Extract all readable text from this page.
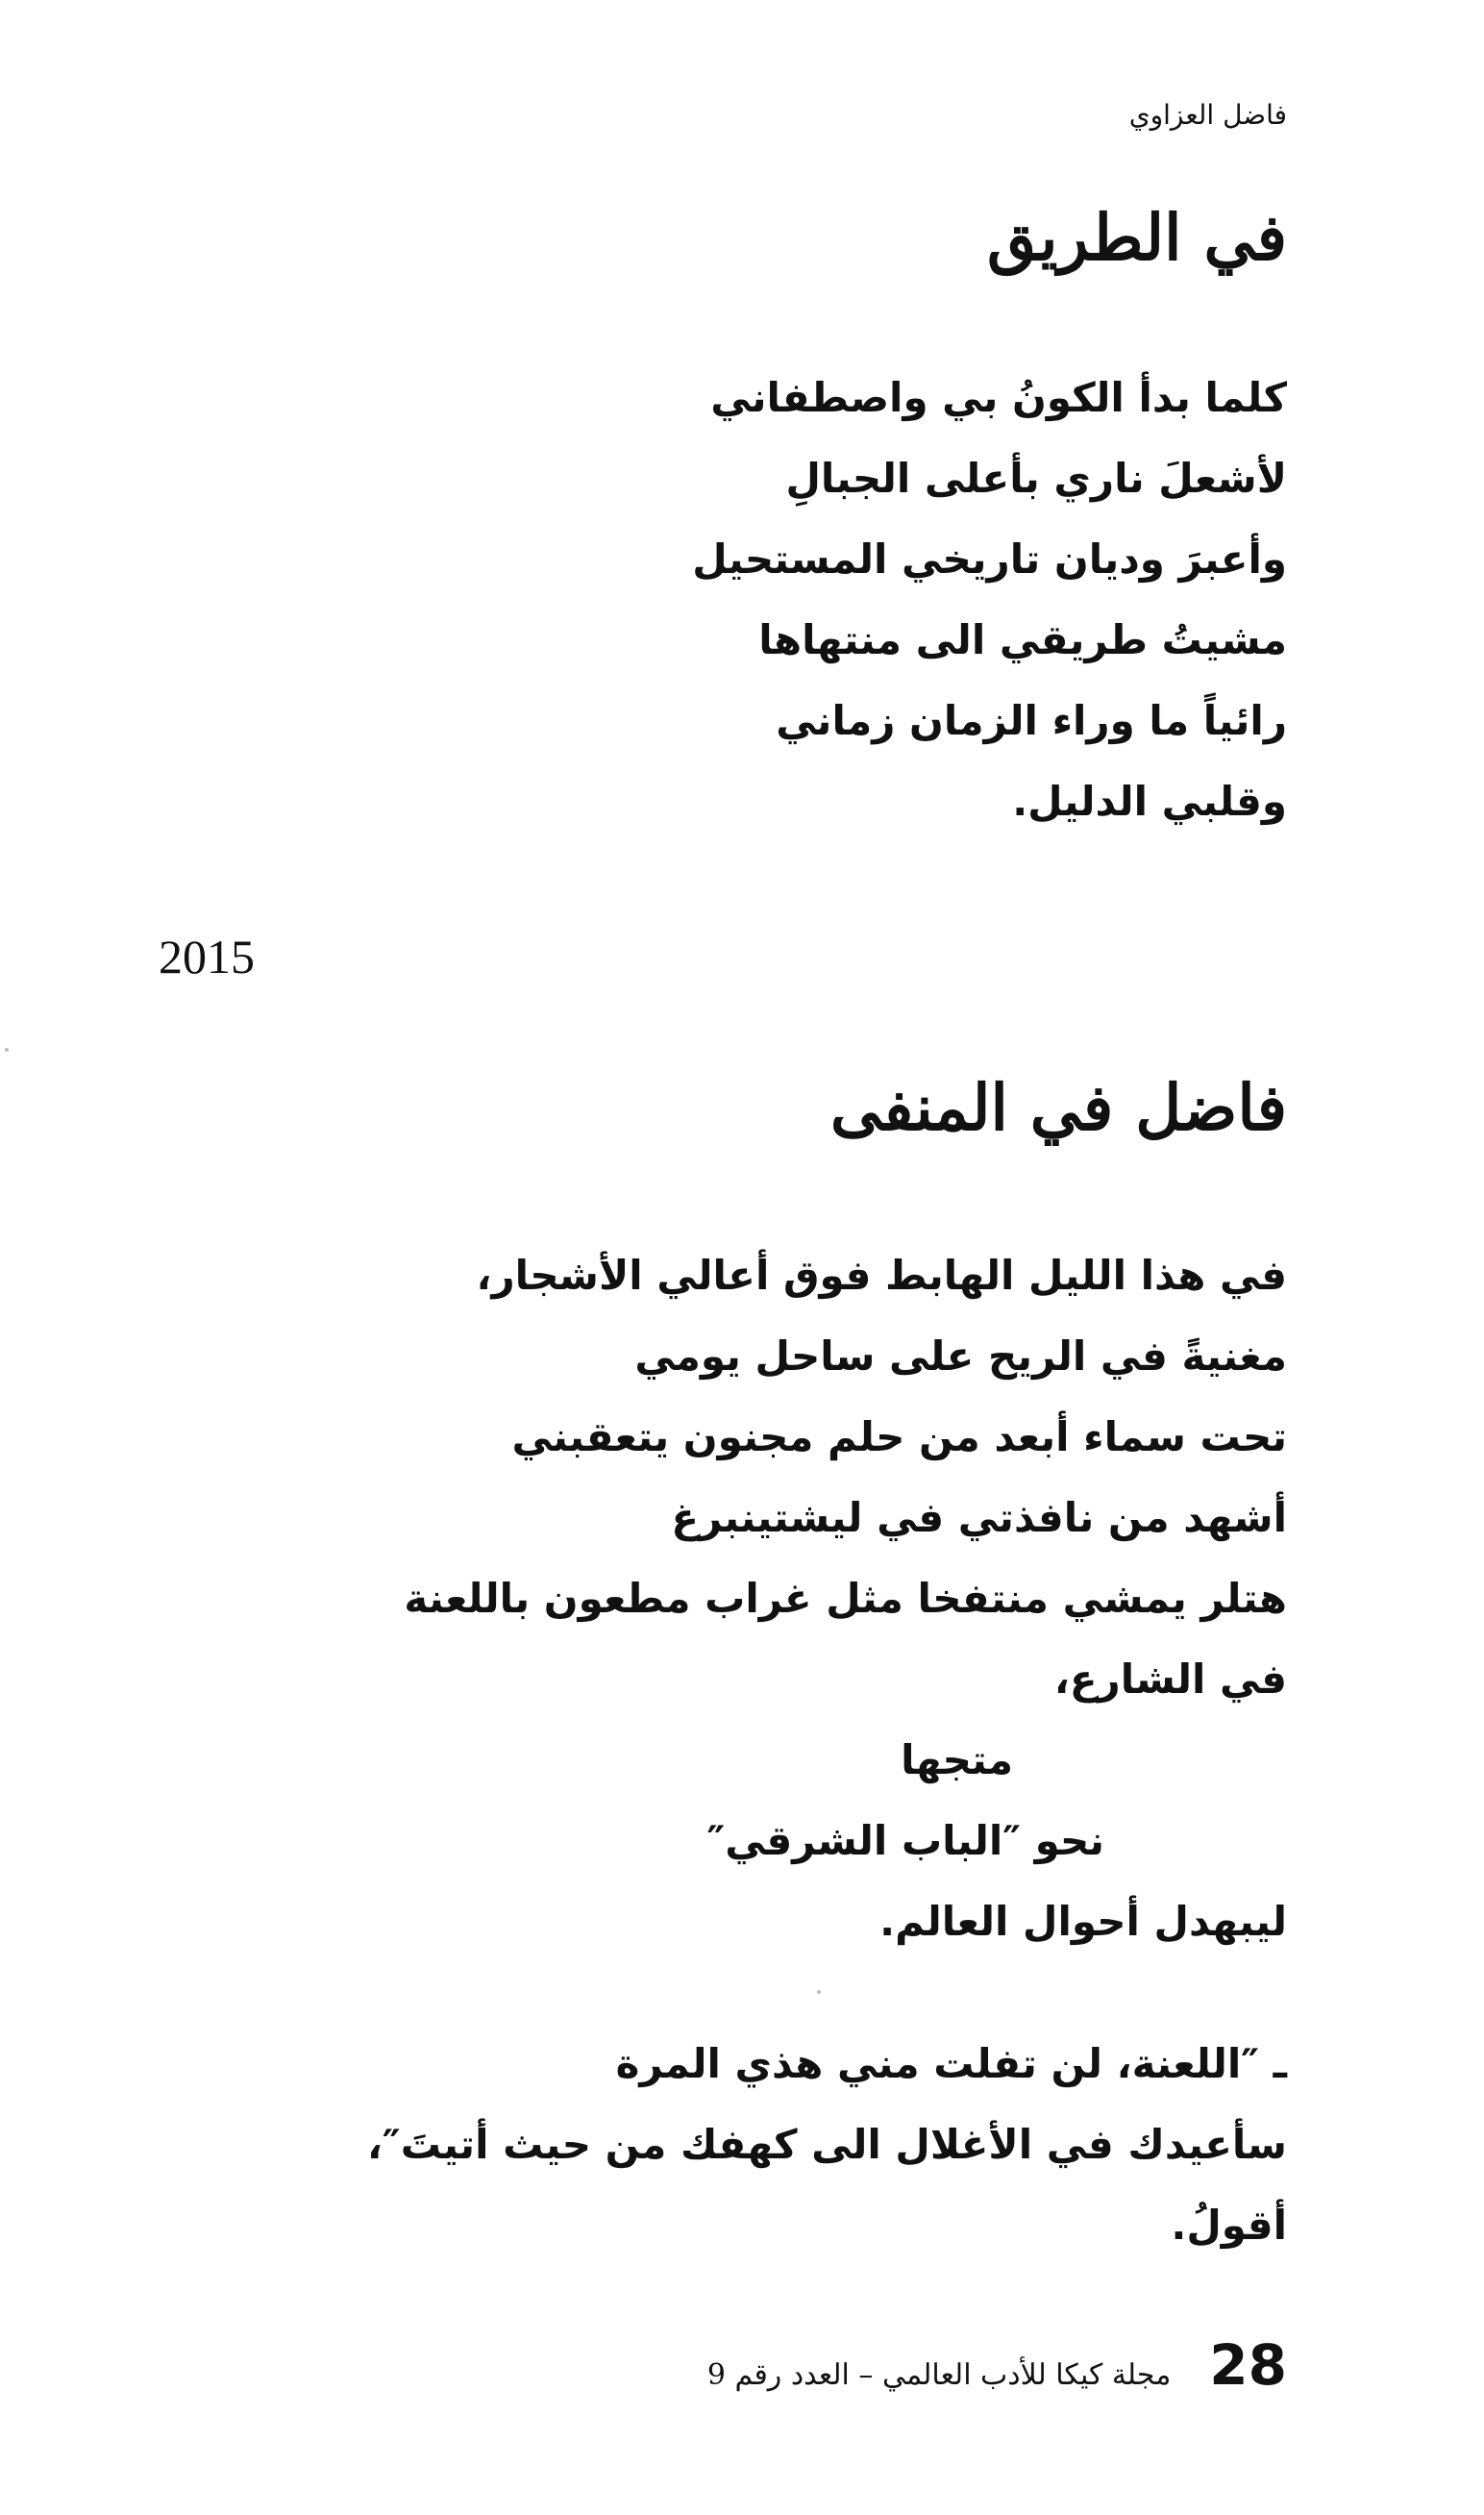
فاضل العزاوي
في الطريق
كلما بدأ الكونُ بي واصطفاني
لأشعلَ ناري بأعلى الجبالِ
وأعبرَ وديان تاريخي المستحيل
مشيتُ طريقي الى منتهاها
رائياً ما وراء الزمان زماني
وقلبي الدليل.
2015
فاضل في المنفى
في هذا الليل الهابط فوق أعالي الأشجار،
مغنيةً في الريح على ساحل يومي
تحت سماء أبعد من حلم مجنون يتعقبني
أشهد من نافذتي في ليشتينبرغ
هتلر يمشي منتفخا مثل غراب مطعون باللعنة
في الشارع،
متجها
نحو ″الباب الشرقي″
ليبهدل أحوال العالم.
ـ ″اللعنة، لن تفلت مني هذي المرة
سأعيدك في الأغلال الى كهفك من حيث أتيتَ″،
أقولُ.
28
مجلة كيكا للأدب العالمي – العدد رقم 9
